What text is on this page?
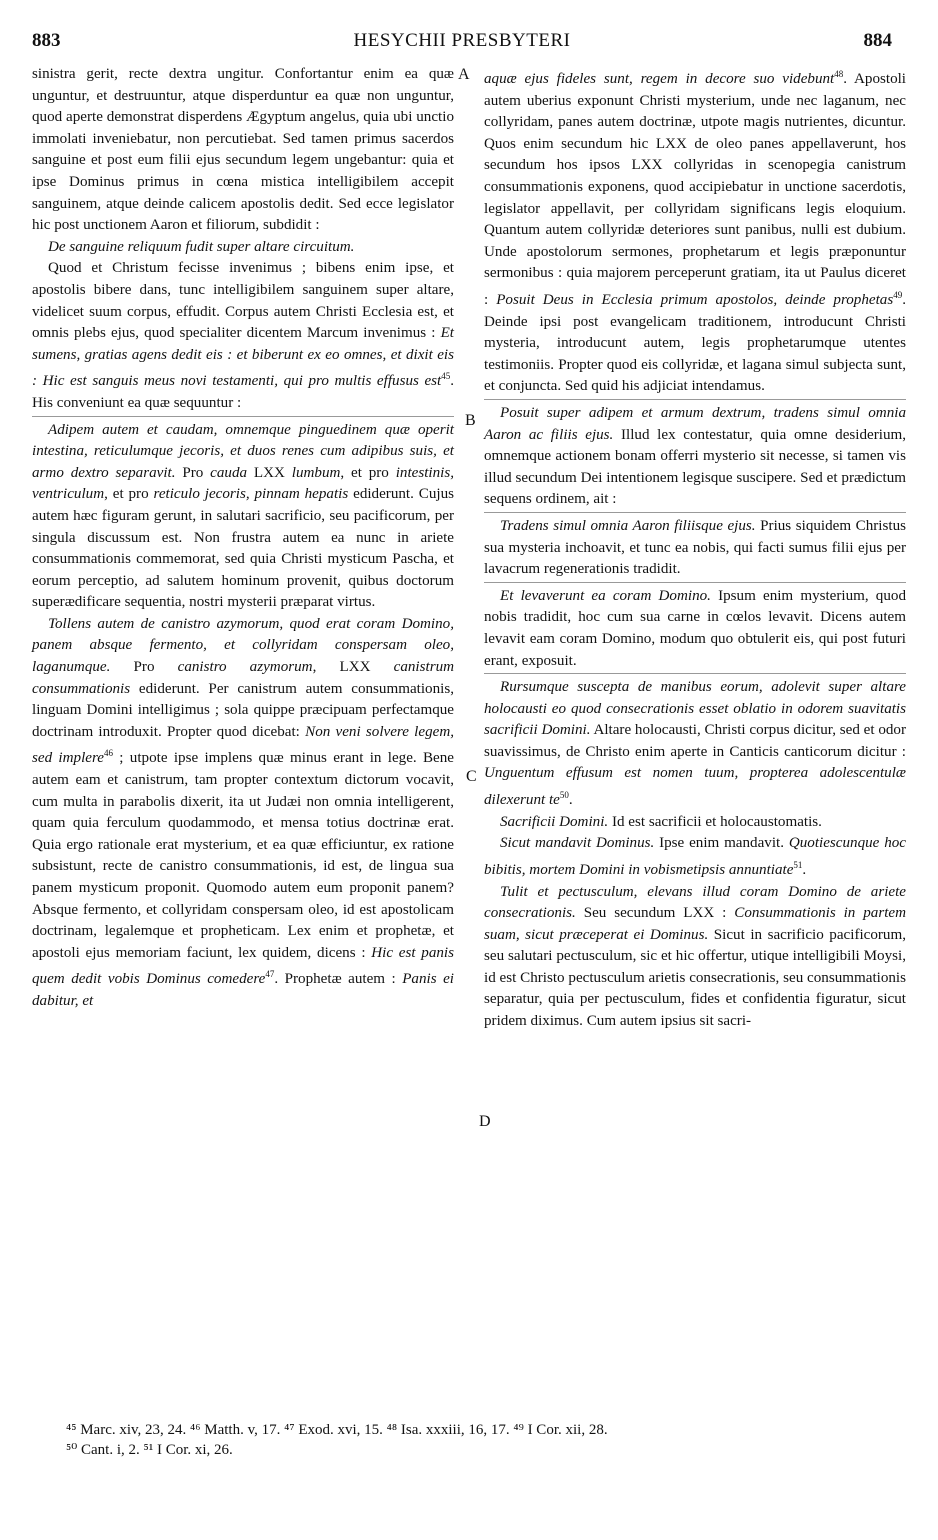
883	HESYCHII PRESBYTERI	884
A
B
C
D

sinistra gerit, recte dextra ungitur. Confortantur enim ea quæ unguntur, et destruuntur, atque disperduntur ea quæ non unguntur, quod aperte demonstrat disperdens Ægyptum angelus, quia ubi unctio immolati inveniebatur, non percutiebat. Sed tamen primus sacerdos sanguine et post eum filii ejus secundum legem ungebantur: quia et ipse Dominus primus in cœna mistica intelligibilem accepit sanguinem, atque deinde calicem apostolis dedit. Sed ecce legislator hic post unctionem Aaron et filiorum, subdidit :

De sanguine reliquum fudit super altare circuitum.

Quod et Christum fecisse invenimus ; bibens enim ipse, et apostolis bibere dans, tunc intelligibilem sanguinem super altare, videlicet suum corpus, effudit. Corpus autem Christi Ecclesia est, et omnis plebs ejus, quod specialiter dicentem Marcum invenimus : Et sumens, gratias agens dedit eis : et biberunt ex eo omnes, et dixit eis : Hic est sanguis meus novi testamenti, qui pro multis effusus est$^{45}$. His conveniunt ea quæ sequuntur :

Adipem autem et caudam, omnemque pinguedinem quæ operit intestina, reticulumque jecoris, et duos renes cum adipibus suis, et armo dextro separavit. Pro cauda LXX lumbum, et pro intestinis, ventriculum, et pro reticulo jecoris, pinnam hepatis ediderunt. Cujus autem hæc figuram gerunt, in salutari sacrificio, seu pacificorum, per singula discussum est. Non frustra autem ea nunc in ariete consummationis commemorat, sed quia Christi mysticum Pascha, et eorum perceptio, ad salutem hominum provenit, quibus doctorum superædificare sequentia, nostri mysterii præparat virtus.

Tollens autem de canistro azymorum, quod erat coram Domino, panem absque fermento, et collyridam conspersam oleo, laganumque. Pro canistro azymorum, LXX canistrum consummationis ediderunt. Per canistrum autem consummationis, linguam Domini intelligimus ; sola quippe præcipuam perfectamque doctrinam introduxit. Propter quod dicebat: Non veni solvere legem, sed implere$^{46}$ ; utpote ipse implens quæ minus erant in lege. Bene autem eam et canistrum, tam propter contextum dictorum vocavit, cum multa in parabolis dixerit, ita ut Judæi non omnia intelligerent, quam quia ferculum quodammodo, et mensa totius doctrinæ erat. Quia ergo rationale erat mysterium, et ea quæ efficiuntur, ex ratione subsistunt, recte de canistro consummationis, id est, de lingua sua panem mysticum proponit. Quomodo autem eum proponit panem? Absque fermento, et collyridam conspersam oleo, id est apostolicam doctrinam, legalemque et propheticam. Lex enim et prophetæ, et apostoli ejus memoriam faciunt, lex quidem, dicens : Hic est panis quem dedit vobis Dominus comedere$^{47}$. Prophetæ autem : Panis ei dabitur, et

aquæ ejus fideles sunt, regem in decore suo videbunt$^{48}$. Apostoli autem uberius exponunt Christi mysterium, unde nec laganum, nec collyridam, panes autem doctrinæ, utpote magis nutrientes, dicuntur. Quos enim secundum hic LXX de oleo panes appellaverunt, hos secundum hos ipsos LXX collyridas in scenopegia canistrum consummationis exponens, quod accipiebatur in unctione sacerdotis, legislator appellavit, per collyridam significans legis eloquium. Quantum autem collyridæ deteriores sunt panibus, nulli est dubium. Unde apostolorum sermones, prophetarum et legis præponuntur sermonibus : quia majorem perceperunt gratiam, ita ut Paulus diceret : Posuit Deus in Ecclesia primum apostolos, deinde prophetas$^{49}$. Deinde ipsi post evangelicam traditionem, introducunt Christi mysteria, introducunt autem, legis prophetarumque utentes testimoniis. Propter quod eis collyridæ, et lagana simul subjecta sunt, et conjuncta. Sed quid his adjiciat intendamus.

Posuit super adipem et armum dextrum, tradens simul omnia Aaron ac filiis ejus. Illud lex contestatur, quia omne desiderium, omnemque actionem bonam offerri mysterio sit necesse, si tamen vis illud secundum Dei intentionem legisque suscipere. Sed et prædictum sequens ordinem, ait :

Tradens simul omnia Aaron filiisque ejus. Prius siquidem Christus sua mysteria inchoavit, et tunc ea nobis, qui facti sumus filii ejus per lavacrum regenerationis tradidit.

Et levaverunt ea coram Domino. Ipsum enim mysterium, quod nobis tradidit, hoc cum sua carne in cœlos levavit. Dicens autem levavit eam coram Domino, modum quo obtulerit eis, qui post futuri erant, exposuit.

Rursumque suscepta de manibus eorum, adolevit super altare holocausti eo quod consecrationis esset oblatio in odorem suavitatis sacrificii Domini. Altare holocausti, Christi corpus dicitur, sed et odor suavissimus, de Christo enim aperte in Canticis canticorum dicitur : Unguentum effusum est nomen tuum, propterea adolescentulæ dilexerunt $te^{50}$.

Sacrificii Domini. Id est sacrificii et holocaustomatis.

Sicut mandavit Dominus. Ipse enim mandavit. Quotiescunque hoc bibitis, mortem Domini in vobismetipsis annuntiate$^{51}$.

Tulit et pectusculum, elevans illud coram Domino de ariete consecrationis. Seu secundum LXX : Consummationis in partem suam, sicut præceperat ei Dominus. Sicut in sacrificio pacificorum, seu salutari pectusculum, sic et hic offertur, utique intelligibili Moysi, id est Christo pectusculum arietis consecrationis, seu consummationis separatur, quia per pectusculum, fides et confidentia figuratur, sicut pridem diximus. Cum autem ipsius sit sacri-

⁴⁵ Marc. xiv, 23, 24. ⁴⁶ Matth. v, 17. ⁴⁷ Exod. xvi, 15. ⁴⁸ Isa. xxxiii, 16, 17. ⁴⁹ I Cor. xii, 28.
⁵⁰ Cant. i, 2. ⁵¹ I Cor. xi, 26.
